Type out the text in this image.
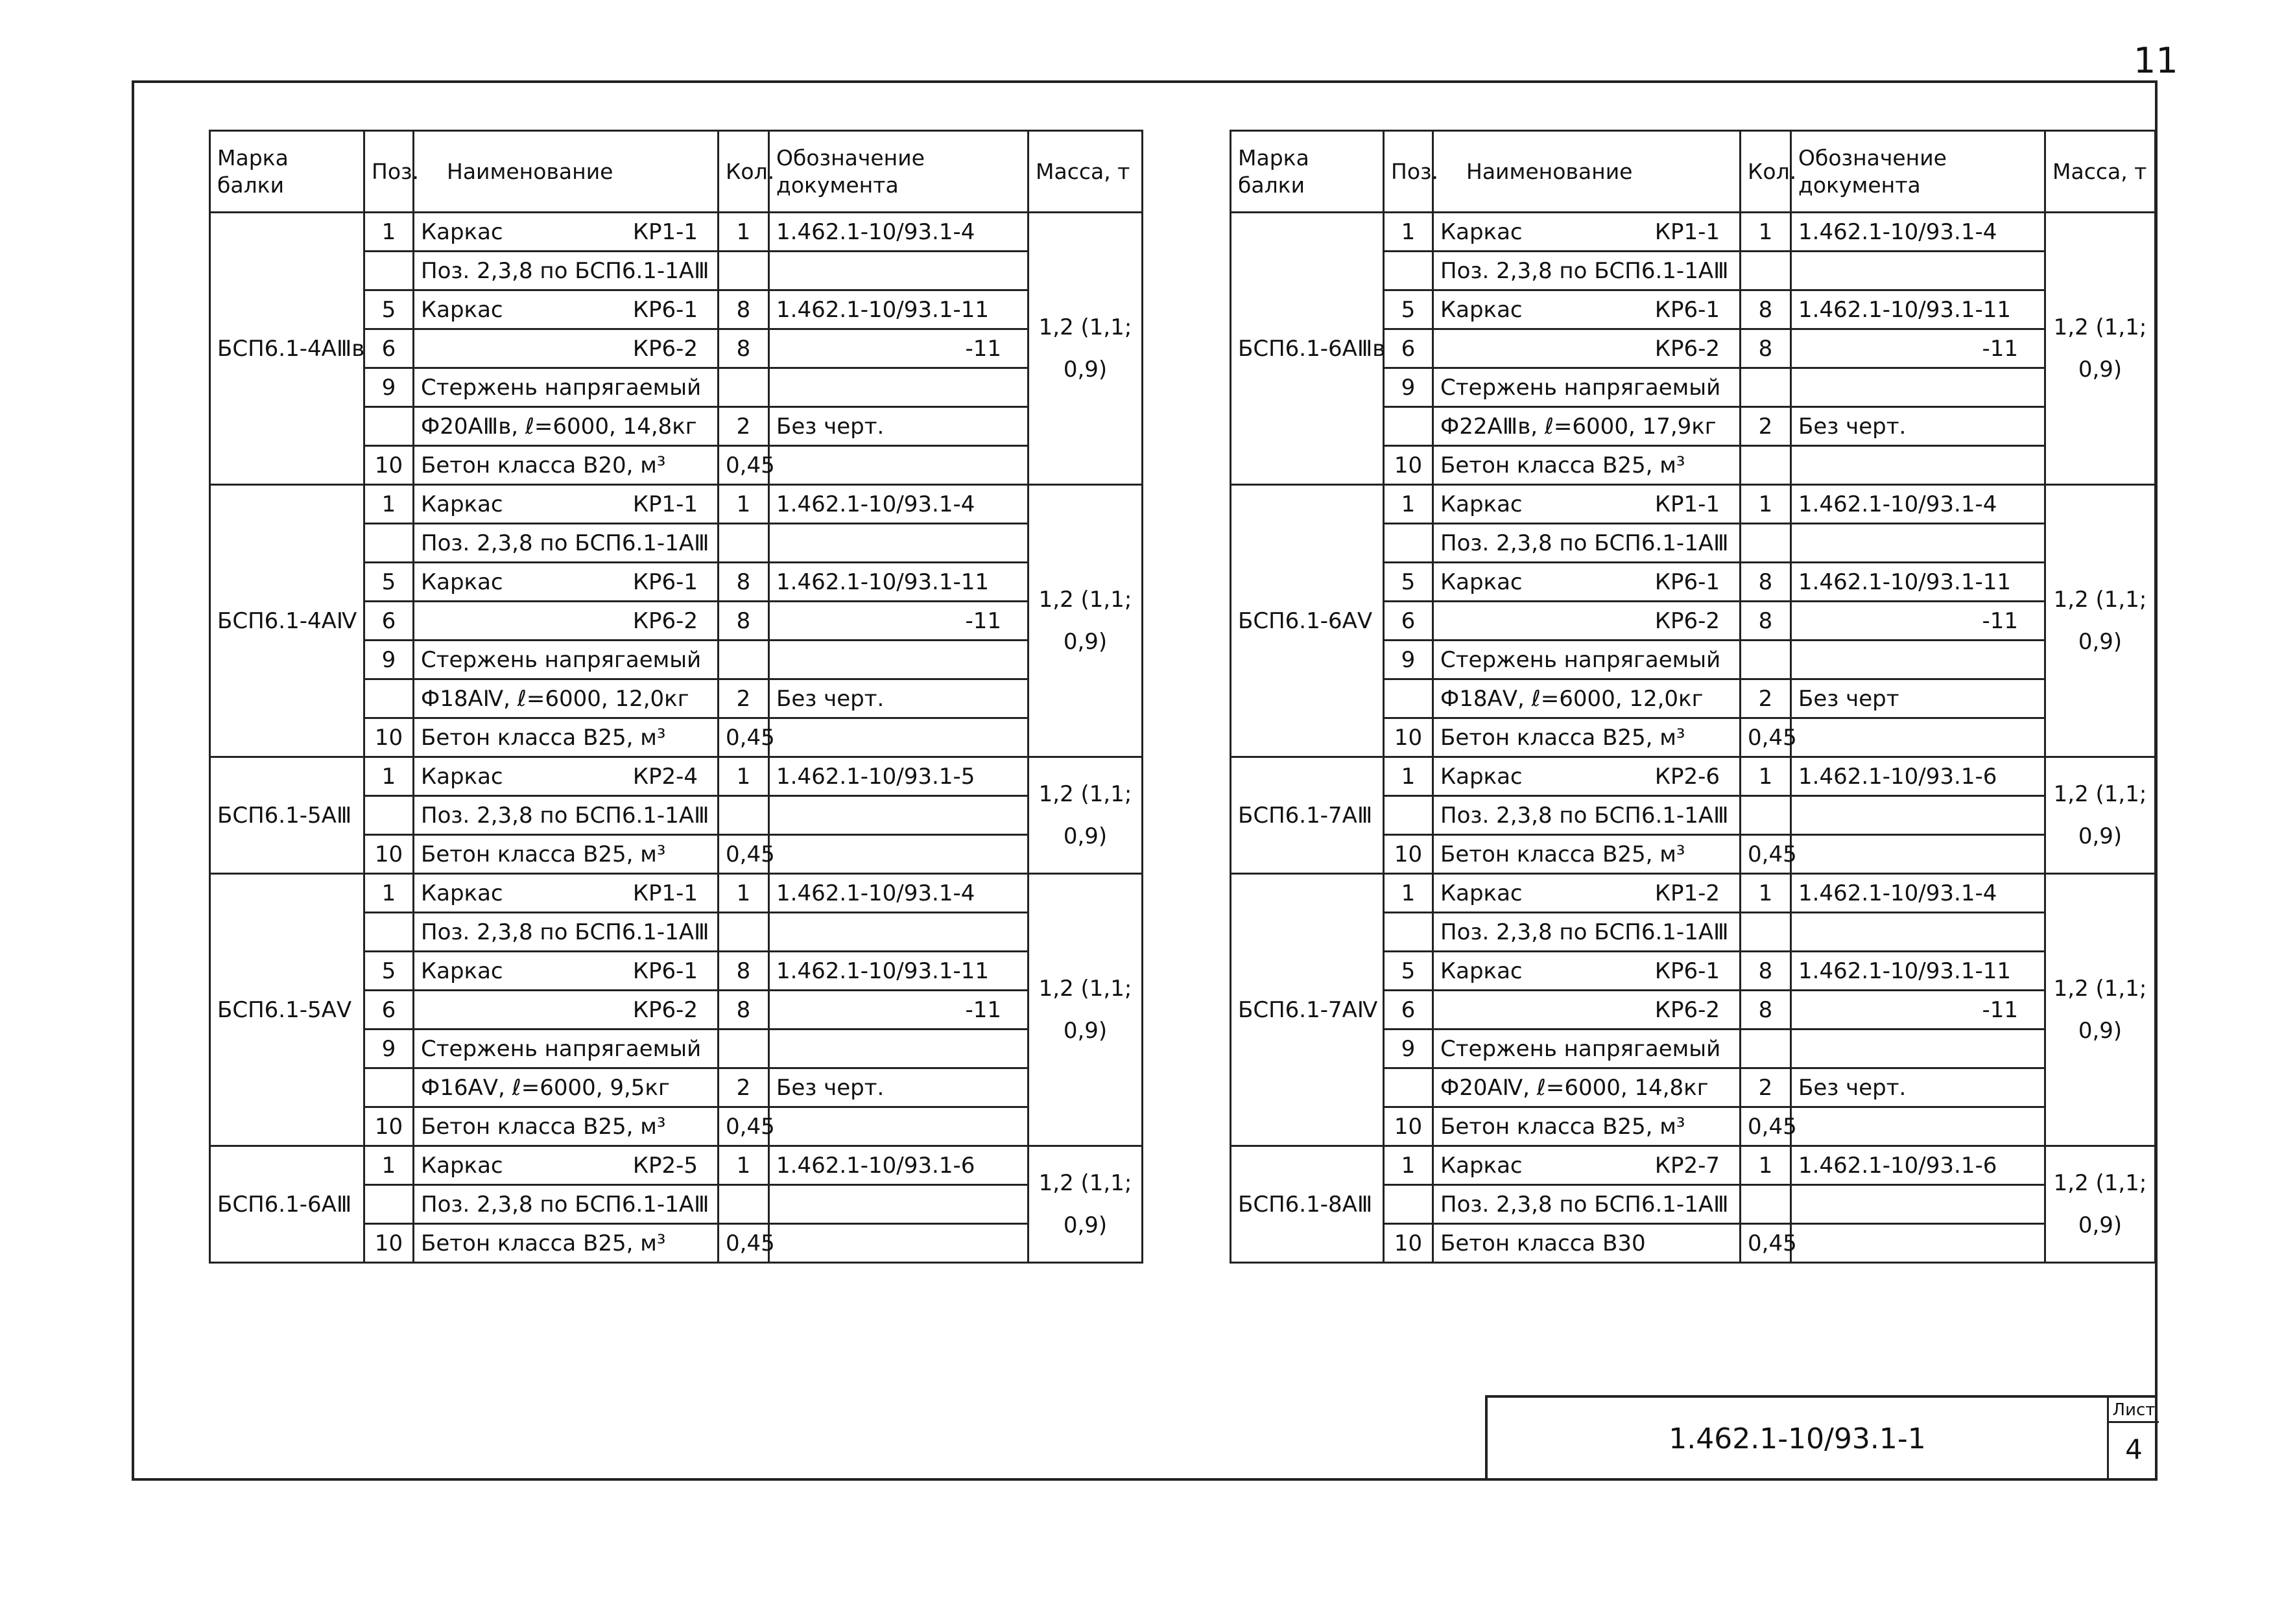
11
Марка балки	Поз.	Наименование	Кол.	Обозначение документа	Масса, т
БСП6.1-4AⅢв	1	Каркас КР1-1	1	1.462.1-10/93.1-4	1,2 (1,1; 0,9)

		Поз. 2,3,8 по БСП6.1-1AⅢ			

	5	Каркас КР6-1	8	1.462.1-10/93.1-11	
	6	КР6-2	8	-11	
	9	Стержень напрягаемый			

		Ф20AⅢв, ℓ=6000, 14,8кг	2	Без черт.	
	10	Бетон класса В20, м³	0,45		
БСП6.1-4AⅣ	1	Каркас КР1-1	1	1.462.1-10/93.1-4	1,2 (1,1; 0,9)

		Поз. 2,3,8 по БСП6.1-1AⅢ			

	5	Каркас КР6-1	8	1.462.1-10/93.1-11	
	6	КР6-2	8	-11	
	9	Стержень напрягаемый			

		Ф18AⅣ, ℓ=6000, 12,0кг	2	Без черт.	
	10	Бетон класса В25, м³	0,45		
БСП6.1-5AⅢ	1	Каркас КР2-4	1	1.462.1-10/93.1-5	1,2 (1,1; 0,9)

		Поз. 2,3,8 по БСП6.1-1AⅢ			

	10	Бетон класса В25, м³	0,45		
БСП6.1-5AⅤ	1	Каркас КР1-1	1	1.462.1-10/93.1-4	1,2 (1,1; 0,9)

		Поз. 2,3,8 по БСП6.1-1AⅢ			

	5	Каркас КР6-1	8	1.462.1-10/93.1-11	
	6	КР6-2	8	-11	
	9	Стержень напрягаемый			

		Ф16AⅤ, ℓ=6000, 9,5кг	2	Без черт.	
	10	Бетон класса В25, м³	0,45		
БСП6.1-6AⅢ	1	Каркас КР2-5	1	1.462.1-10/93.1-6	1,2 (1,1; 0,9)

		Поз. 2,3,8 по БСП6.1-1AⅢ			

	10	Бетон класса В25, м³	0,45		
Марка балки	Поз.	Наименование	Кол.	Обозначение документа	Масса, т
БСП6.1-6AⅢв	1	Каркас КР1-1	1	1.462.1-10/93.1-4	1,2 (1,1; 0,9)

		Поз. 2,3,8 по БСП6.1-1AⅢ			

	5	Каркас КР6-1	8	1.462.1-10/93.1-11	
	6	КР6-2	8	-11	
	9	Стержень напрягаемый			

		Ф22AⅢв, ℓ=6000, 17,9кг	2	Без черт.	
	10	Бетон класса В25, м³			

БСП6.1-6AⅤ	1	Каркас КР1-1	1	1.462.1-10/93.1-4	1,2 (1,1; 0,9)

		Поз. 2,3,8 по БСП6.1-1AⅢ			

	5	Каркас КР6-1	8	1.462.1-10/93.1-11	
	6	КР6-2	8	-11	
	9	Стержень напрягаемый			

		Ф18AⅤ, ℓ=6000, 12,0кг	2	Без черт	
	10	Бетон класса В25, м³	0,45		
БСП6.1-7AⅢ	1	Каркас КР2-6	1	1.462.1-10/93.1-6	1,2 (1,1; 0,9)

		Поз. 2,3,8 по БСП6.1-1AⅢ			

	10	Бетон класса В25, м³	0,45		
БСП6.1-7AⅣ	1	Каркас КР1-2	1	1.462.1-10/93.1-4	1,2 (1,1; 0,9)

		Поз. 2,3,8 по БСП6.1-1AⅢ			

	5	Каркас КР6-1	8	1.462.1-10/93.1-11	
	6	КР6-2	8	-11	
	9	Стержень напрягаемый			

		Ф20AⅣ, ℓ=6000, 14,8кг	2	Без черт.	
	10	Бетон класса В25, м³	0,45		
БСП6.1-8AⅢ	1	Каркас КР2-7	1	1.462.1-10/93.1-6	1,2 (1,1; 0,9)

		Поз. 2,3,8 по БСП6.1-1AⅢ			

	10	Бетон класса В30	0,45		
1.462.1-10/93.1-1
Лист
4
